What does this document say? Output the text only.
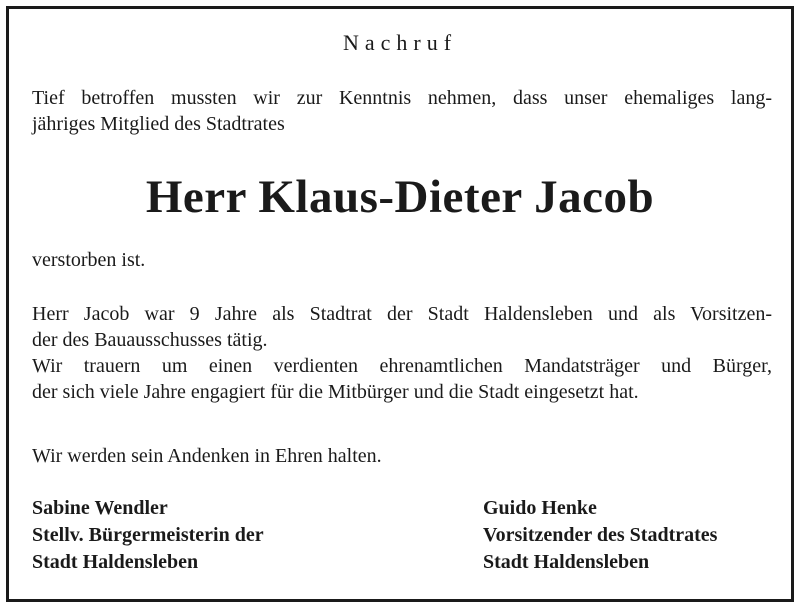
Nachruf
Tief betroffen mussten wir zur Kenntnis nehmen, dass unser ehemaliges lang-
jähriges Mitglied des Stadtrates
Herr Klaus-Dieter Jacob
verstorben ist.
Herr Jacob war 9 Jahre als Stadtrat der Stadt Haldensleben und als Vorsitzen-
der des Bauausschusses tätig.
Wir trauern um einen verdienten ehrenamtlichen Mandatsträger und Bürger,
der sich viele Jahre engagiert für die Mitbürger und die Stadt eingesetzt hat.
Wir werden sein Andenken in Ehren halten.
Sabine Wendler
Stellv. Bürgermeisterin der
Stadt Haldensleben
Guido Henke
Vorsitzender des Stadtrates
Stadt Haldensleben
